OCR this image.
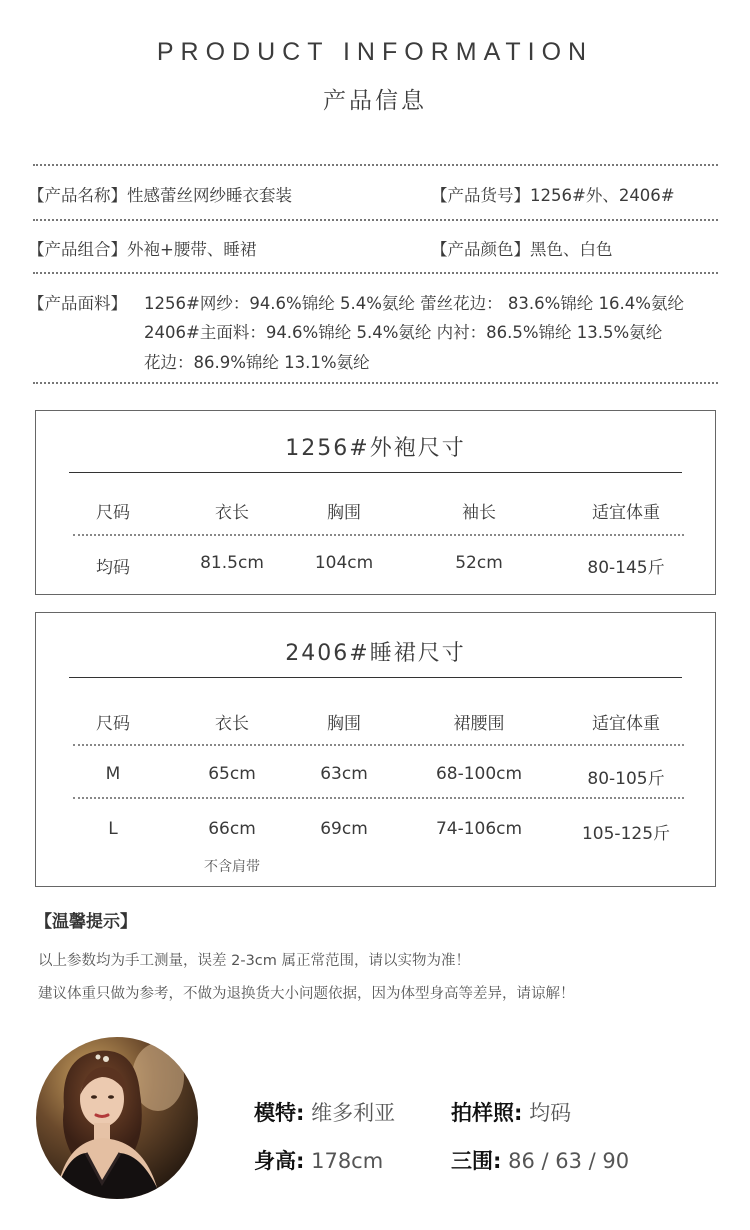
PRODUCT INFORMATION
产品信息
【产品名称】性感蕾丝网纱睡衣套装	【产品货号】1256#外、2406#
【产品组合】外袍+腰带、睡裙	【产品颜色】黑色、白色
【产品面料】 1256#网纱：94.6%锦纶 5.4%氨纶 蕾丝花边： 83.6%锦纶 16.4%氨纶
2406#主面料：94.6%锦纶 5.4%氨纶 内衬：86.5%锦纶 13.5%氨纶
花边：86.9%锦纶 13.1%氨纶
1256#外袍尺寸
尺码	衣长	胸围	袖长	适宜体重
均码	81.5cm	104cm	52cm	80-145斤
2406#睡裙尺寸
尺码	衣长	胸围	裙腰围	适宜体重
M	65cm	63cm	68-100cm	80-105斤
L	66cm	69cm	74-106cm	105-125斤
不含肩带
【温馨提示】
以上参数均为手工测量，误差 2-3cm 属正常范围，请以实物为准！
建议体重只做为参考，不做为退换货大小问题依据，因为体型身高等差异，请谅解！
模特: 维多利亚	拍样照: 均码
身高: 178cm	三围: 86 / 63 / 90
